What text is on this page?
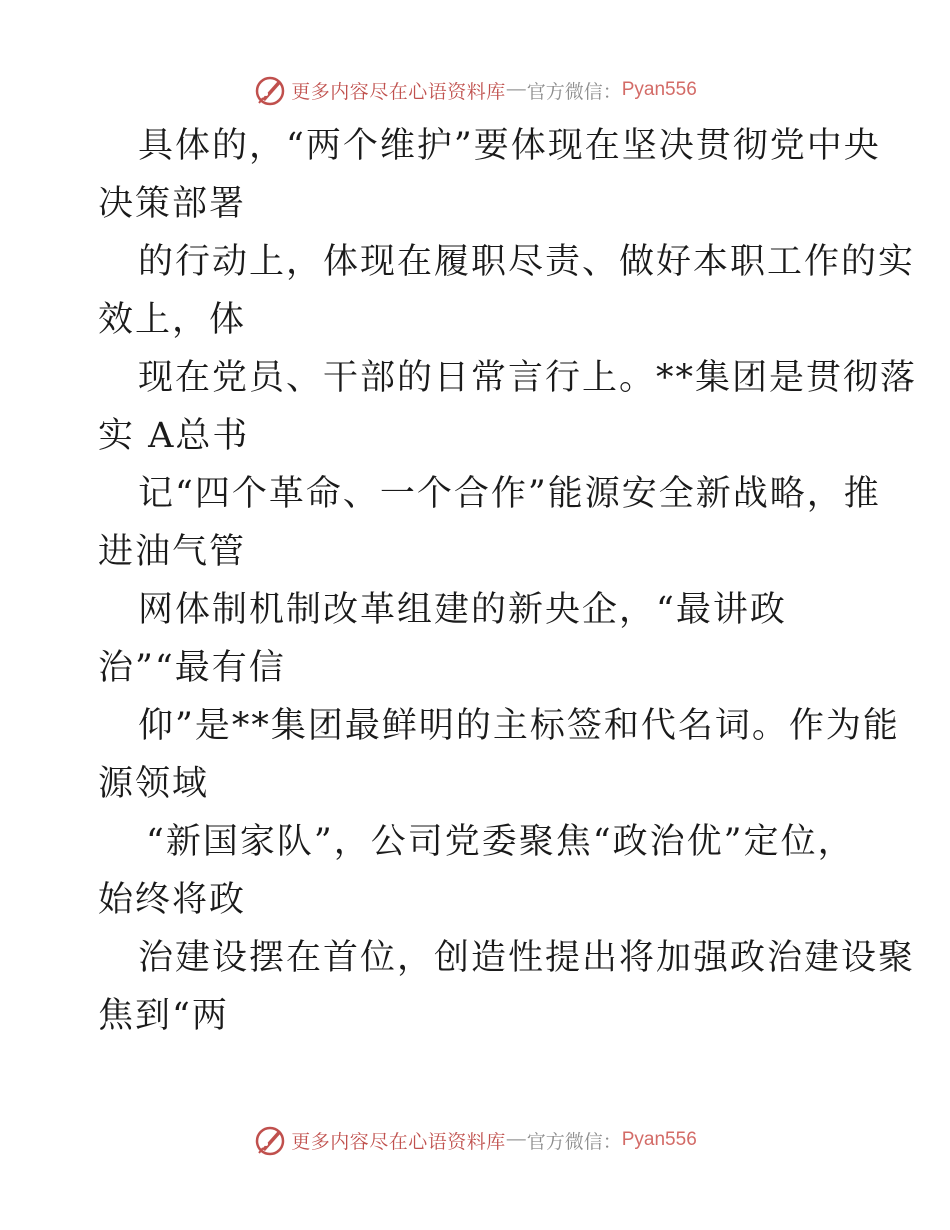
更多内容尽在心语资料库 — 官方微信： Pyan556
具体的，“两个维护”要体现在坚决贯彻党中央
决策部署
的行动上，体现在履职尽责、做好本职工作的实
效上，体
现在党员、干部的日常言行上。**集团是贯彻落
实 A总书
记“四个革命、一个合作”能源安全新战略，推
进油气管
网体制机制改革组建的新央企，“最讲政
治”“最有信
仰”是**集团最鲜明的主标签和代名词。作为能
源领域
“新国家队”，公司党委聚焦“政治优”定位，
始终将政
治建设摆在首位，创造性提出将加强政治建设聚
焦到“两
更多内容尽在心语资料库 — 官方微信： Pyan556
